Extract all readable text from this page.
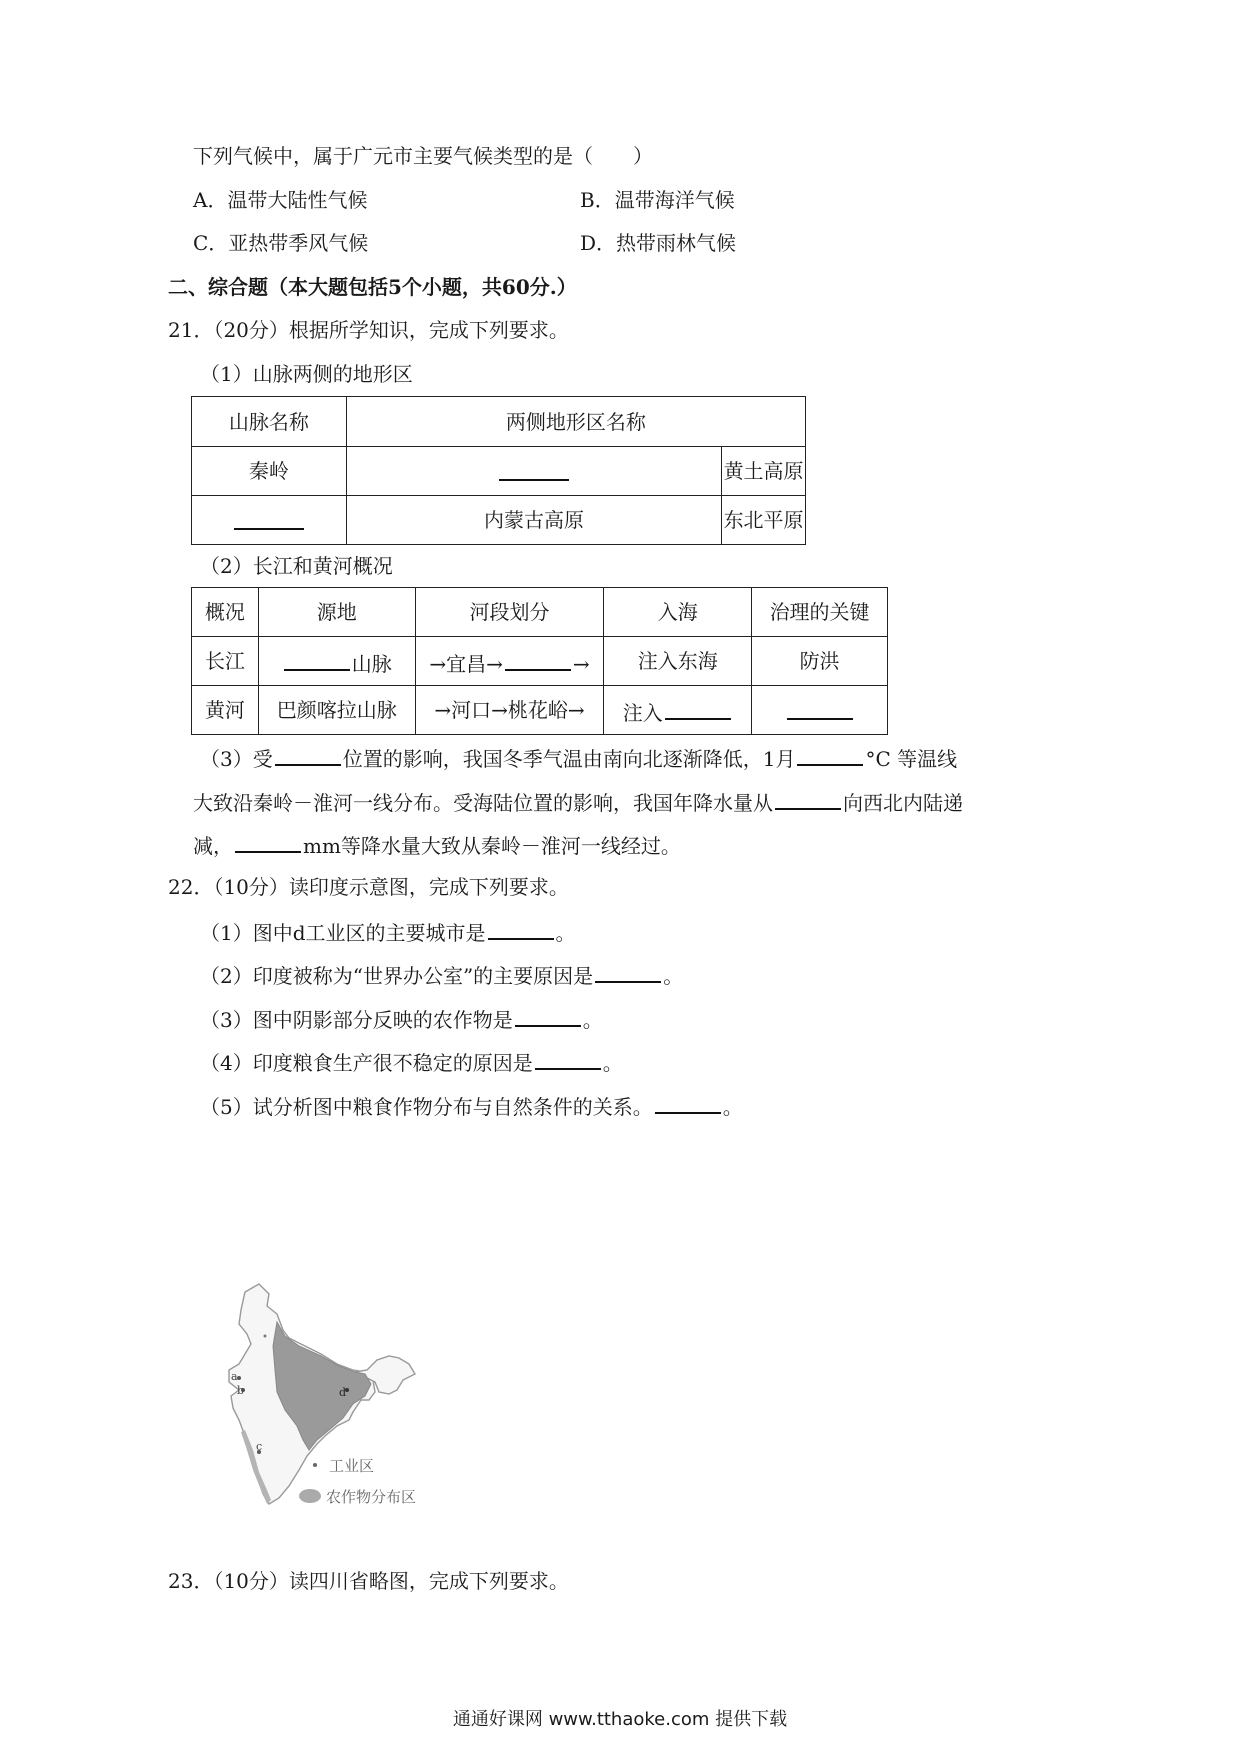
下列气候中，属于广元市主要气候类型的是（　　）
A．温带大陆性气候	B．温带海洋气候
C．亚热带季风气候	D．热带雨林气候
二、综合题（本大题包括5个小题，共60分.）
21．（20分）根据所学知识，完成下列要求。
（1）山脉两侧的地形区
山脉名称	两侧地形区名称	
秦岭		黄土高原
	内蒙古高原	东北平原
（2）长江和黄河概况
概况	源地	河段划分	入海	治理的关键
长江	山脉	→宜昌→ →	注入东海	防洪
黄河	巴颜喀拉山脉	→河口→桃花峪→	注入	
（3）受	位置的影响，我国冬季气温由南向北逐渐降低，1月	°C 等温线
大致沿秦岭－淮河一线分布。受海陆位置的影响，我国年降水量从	向西北内陆递
减，	mm等降水量大致从秦岭－淮河一线经过。
22．（10分）读印度示意图，完成下列要求。
（1）图中d工业区的主要城市是	。
（2）印度被称为“世界办公室”的主要原因是	。
（3）图中阴影部分反映的农作物是	。
（4）印度粮食生产很不稳定的原因是	。
（5）试分析图中粮食作物分布与自然条件的关系。	。
a
b
c
d
工业区
农作物分布区
23．（10分）读四川省略图，完成下列要求。
通通好课网 www.tthaoke.com 提供下载
